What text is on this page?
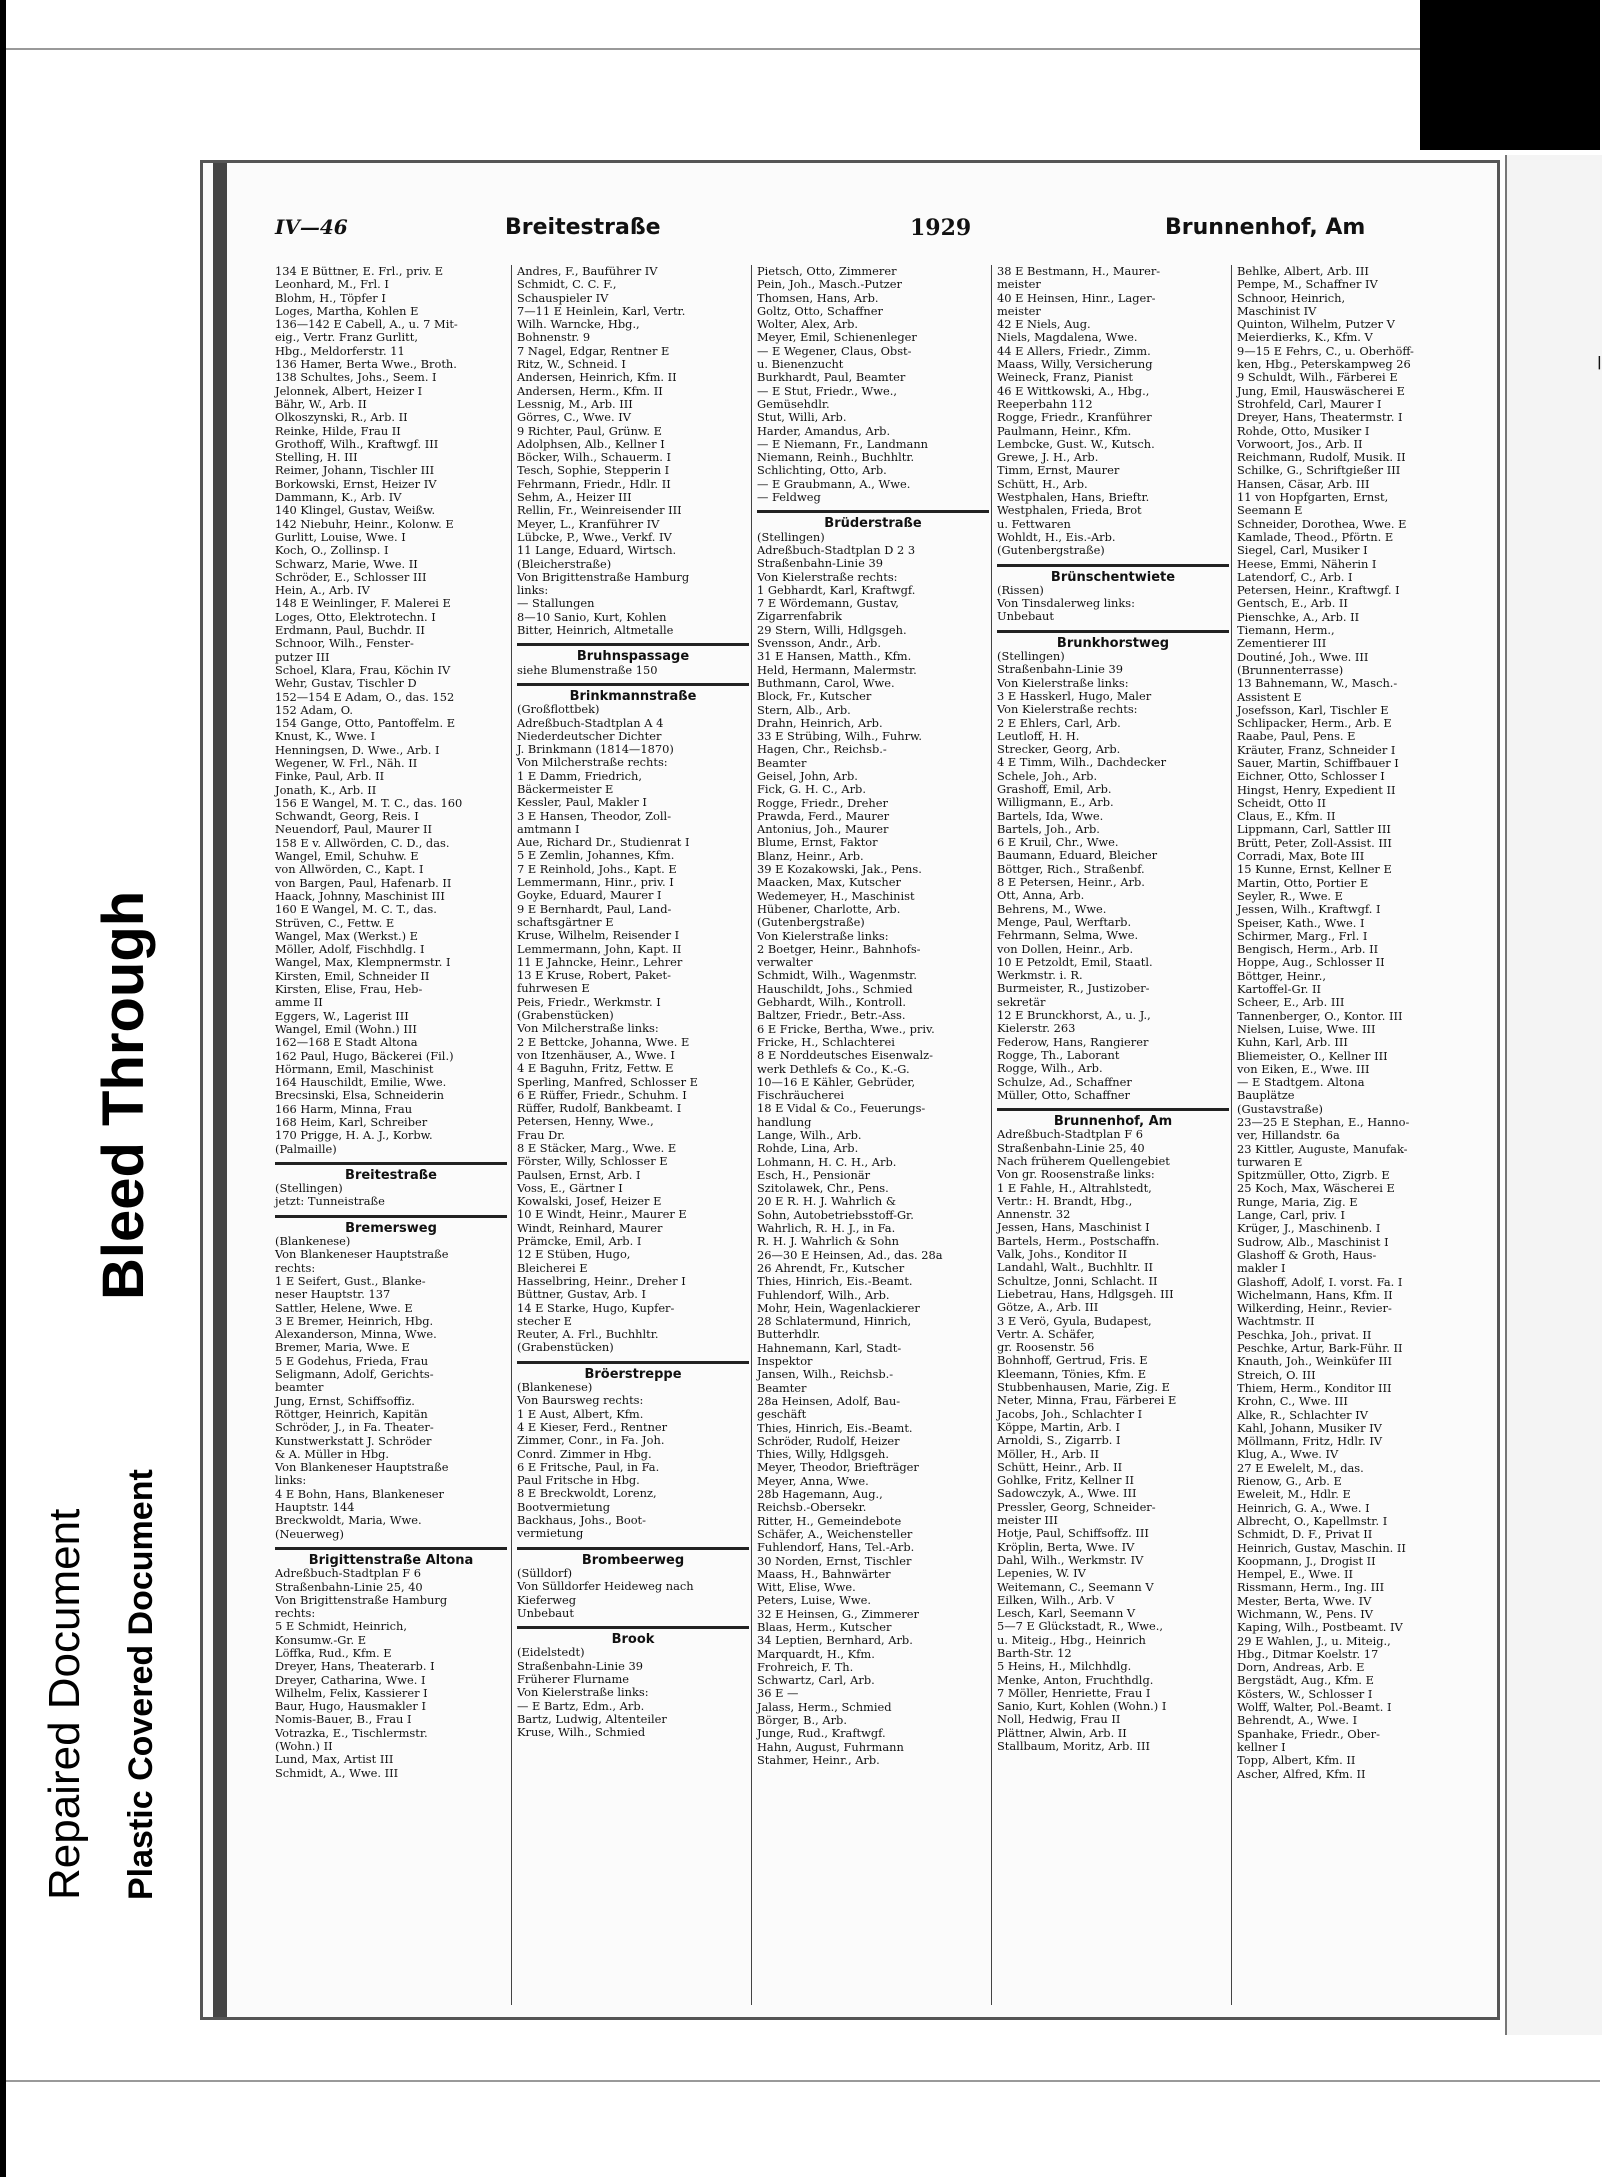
|
IV—46	Breitestraße	1929	Brunnenhof, Am
134 E Büttner, E. Frl., priv. E
Leonhard, M., Frl. I
Blohm, H., Töpfer I
Loges, Martha, Kohlen E
136—142 E Cabell, A., u. 7 Mit-
eig., Vertr. Franz Gurlitt,
Hbg., Meldorferstr. 11
136 Hamer, Berta Wwe., Broth.
138 Schultes, Johs., Seem. I
Jelonnek, Albert, Heizer I
Bähr, W., Arb. II
Olkoszynski, R., Arb. II
Reinke, Hilde, Frau II
Grothoff, Wilh., Kraftwgf. III
Stelling, H. III
Reimer, Johann, Tischler III
Borkowski, Ernst, Heizer IV
Dammann, K., Arb. IV
140 Klingel, Gustav, Weißw.
142 Niebuhr, Heinr., Kolonw. E
Gurlitt, Louise, Wwe. I
Koch, O., Zollinsp. I
Schwarz, Marie, Wwe. II
Schröder, E., Schlosser III
Hein, A., Arb. IV
148 E Weinlinger, F. Malerei E
Loges, Otto, Elektrotechn. I
Erdmann, Paul, Buchdr. II
Schnoor, Wilh., Fenster-
putzer III
Schoel, Klara, Frau, Köchin IV
Wehr, Gustav, Tischler D
152—154 E Adam, O., das. 152
152 Adam, O.
154 Gange, Otto, Pantoffelm. E
Knust, K., Wwe. I
Henningsen, D. Wwe., Arb. I
Wegener, W. Frl., Näh. II
Finke, Paul, Arb. II
Jonath, K., Arb. II
156 E Wangel, M. T. C., das. 160
Schwandt, Georg, Reis. I
Neuendorf, Paul, Maurer II
158 E v. Allwörden, C. D., das.
Wangel, Emil, Schuhw. E
von Allwörden, C., Kapt. I
von Bargen, Paul, Hafenarb. II
Haack, Johnny, Maschinist III
160 E Wangel, M. C. T., das.
Strüven, C., Fettw. E
Wangel, Max (Werkst.) E
Möller, Adolf, Fischhdlg. I
Wangel, Max, Klempnermstr. I
Kirsten, Emil, Schneider II
Kirsten, Elise, Frau, Heb-
amme II
Eggers, W., Lagerist III
Wangel, Emil (Wohn.) III
162—168 E Stadt Altona
162 Paul, Hugo, Bäckerei (Fil.)
Hörmann, Emil, Maschinist
164 Hauschildt, Emilie, Wwe.
Brecsinski, Elsa, Schneiderin
166 Harm, Minna, Frau
168 Heim, Karl, Schreiber
170 Prigge, H. A. J., Korbw.
(Palmaille)
Breitestraße
(Stellingen)
jetzt: Tunneistraße
Bremersweg
(Blankenese)
Von Blankeneser Hauptstraße
rechts:
1 E Seifert, Gust., Blanke-
neser Hauptstr. 137
Sattler, Helene, Wwe. E
3 E Bremer, Heinrich, Hbg.
Alexanderson, Minna, Wwe.
Bremer, Maria, Wwe. E
5 E Godehus, Frieda, Frau
Seligmann, Adolf, Gerichts-
beamter
Jung, Ernst, Schiffsoffiz.
Röttger, Heinrich, Kapitän
Schröder, J., in Fa. Theater-
Kunstwerkstatt J. Schröder
& A. Müller in Hbg.
Von Blankeneser Hauptstraße
links:
4 E Bohn, Hans, Blankeneser
Hauptstr. 144
Breckwoldt, Maria, Wwe.
(Neuerweg)
Brigittenstraße Altona
Adreßbuch-Stadtplan F 6
Straßenbahn-Linie 25, 40
Von Brigittenstraße Hamburg
rechts:
5 E Schmidt, Heinrich,
Konsumw.-Gr. E
Löffka, Rud., Kfm. E
Dreyer, Hans, Theaterarb. I
Dreyer, Catharina, Wwe. I
Wilhelm, Felix, Kassierer I
Baur, Hugo, Hausmakler I
Nomis-Bauer, B., Frau I
Votrazka, E., Tischlermstr.
(Wohn.) II
Lund, Max, Artist III
Schmidt, A., Wwe. III
Andres, F., Bauführer IV
Schmidt, C. C. F.,
Schauspieler IV
7—11 E Heinlein, Karl, Vertr.
Wilh. Warncke, Hbg.,
Bohnenstr. 9
7 Nagel, Edgar, Rentner E
Ritz, W., Schneid. I
Andersen, Heinrich, Kfm. II
Andersen, Herm., Kfm. II
Lessnig, M., Arb. III
Görres, C., Wwe. IV
9 Richter, Paul, Grünw. E
Adolphsen, Alb., Kellner I
Böcker, Wilh., Schauerm. I
Tesch, Sophie, Stepperin I
Fehrmann, Friedr., Hdlr. II
Sehm, A., Heizer III
Rellin, Fr., Weinreisender III
Meyer, L., Kranführer IV
Lübcke, P., Wwe., Verkf. IV
11 Lange, Eduard, Wirtsch.
(Bleicherstraße)
Von Brigittenstraße Hamburg
links:
— Stallungen
8—10 Sanio, Kurt, Kohlen
Bitter, Heinrich, Altmetalle
Bruhnspassage
siehe Blumenstraße 150
Brinkmannstraße
(Großflottbek)
Adreßbuch-Stadtplan A 4
Niederdeutscher Dichter
J. Brinkmann (1814—1870)
Von Milcherstraße rechts:
1 E Damm, Friedrich,
Bäckermeister E
Kessler, Paul, Makler I
3 E Hansen, Theodor, Zoll-
amtmann I
Aue, Richard Dr., Studienrat I
5 E Zemlin, Johannes, Kfm.
7 E Reinhold, Johs., Kapt. E
Lemmermann, Hinr., priv. I
Goyke, Eduard, Maurer I
9 E Bernhardt, Paul, Land-
schaftsgärtner E
Kruse, Wilhelm, Reisender I
Lemmermann, John, Kapt. II
11 E Jahncke, Heinr., Lehrer
13 E Kruse, Robert, Paket-
fuhrwesen E
Peis, Friedr., Werkmstr. I
(Grabenstücken)
Von Milcherstraße links:
2 E Bettcke, Johanna, Wwe. E
von Itzenhäuser, A., Wwe. I
4 E Baguhn, Fritz, Fettw. E
Sperling, Manfred, Schlosser E
6 E Rüffer, Friedr., Schuhm. I
Rüffer, Rudolf, Bankbeamt. I
Petersen, Henny, Wwe.,
Frau Dr.
8 E Stäcker, Marg., Wwe. E
Förster, Willy, Schlosser E
Paulsen, Ernst, Arb. I
Voss, E., Gärtner I
Kowalski, Josef, Heizer E
10 E Windt, Heinr., Maurer E
Windt, Reinhard, Maurer
Prämcke, Emil, Arb. I
12 E Stüben, Hugo,
Bleicherei E
Hasselbring, Heinr., Dreher I
Büttner, Gustav, Arb. I
14 E Starke, Hugo, Kupfer-
stecher E
Reuter, A. Frl., Buchhltr.
(Grabenstücken)
Bröerstreppe
(Blankenese)
Von Baursweg rechts:
1 E Aust, Albert, Kfm.
4 E Kieser, Ferd., Rentner
Zimmer, Conr., in Fa. Joh.
Conrd. Zimmer in Hbg.
6 E Fritsche, Paul, in Fa.
Paul Fritsche in Hbg.
8 E Breckwoldt, Lorenz,
Bootvermietung
Backhaus, Johs., Boot-
vermietung
Brombeerweg
(Sülldorf)
Von Sülldorfer Heideweg nach
Kieferweg
Unbebaut
Brook
(Eidelstedt)
Straßenbahn-Linie 39
Früherer Flurname
Von Kielerstraße links:
— E Bartz, Edm., Arb.
Bartz, Ludwig, Altenteiler
Kruse, Wilh., Schmied
Pietsch, Otto, Zimmerer
Pein, Joh., Masch.-Putzer
Thomsen, Hans, Arb.
Goltz, Otto, Schaffner
Wolter, Alex, Arb.
Meyer, Emil, Schienenleger
— E Wegener, Claus, Obst-
u. Bienenzucht
Burkhardt, Paul, Beamter
— E Stut, Friedr., Wwe.,
Gemüsehdlr.
Stut, Willi, Arb.
Harder, Amandus, Arb.
— E Niemann, Fr., Landmann
Niemann, Reinh., Buchhltr.
Schlichting, Otto, Arb.
— E Graubmann, A., Wwe.
— Feldweg
Brüderstraße
(Stellingen)
Adreßbuch-Stadtplan D 2 3
Straßenbahn-Linie 39
Von Kielerstraße rechts:
1 Gebhardt, Karl, Kraftwgf.
7 E Wördemann, Gustav,
Zigarrenfabrik
29 Stern, Willi, Hdlgsgeh.
Svensson, Andr., Arb.
31 E Hansen, Matth., Kfm.
Held, Hermann, Malermstr.
Buthmann, Carol, Wwe.
Block, Fr., Kutscher
Stern, Alb., Arb.
Drahn, Heinrich, Arb.
33 E Strübing, Wilh., Fuhrw.
Hagen, Chr., Reichsb.-
Beamter
Geisel, John, Arb.
Fick, G. H. C., Arb.
Rogge, Friedr., Dreher
Prawda, Ferd., Maurer
Antonius, Joh., Maurer
Blume, Ernst, Faktor
Blanz, Heinr., Arb.
39 E Kozakowski, Jak., Pens.
Maacken, Max, Kutscher
Wedemeyer, H., Maschinist
Hübener, Charlotte, Arb.
(Gutenbergstraße)
Von Kielerstraße links:
2 Boetger, Heinr., Bahnhofs-
verwalter
Schmidt, Wilh., Wagenmstr.
Hauschildt, Johs., Schmied
Gebhardt, Wilh., Kontroll.
Baltzer, Friedr., Betr.-Ass.
6 E Fricke, Bertha, Wwe., priv.
Fricke, H., Schlachterei
8 E Norddeutsches Eisenwalz-
werk Dethlefs & Co., K.-G.
10—16 E Kähler, Gebrüder,
Fischräucherei
18 E Vidal & Co., Feuerungs-
handlung
Lange, Wilh., Arb.
Rohde, Lina, Arb.
Lohmann, H. C. H., Arb.
Esch, H., Pensionär
Szitolawek, Chr., Pens.
20 E R. H. J. Wahrlich &
Sohn, Autobetriebsstoff-Gr.
Wahrlich, R. H. J., in Fa.
R. H. J. Wahrlich & Sohn
26—30 E Heinsen, Ad., das. 28a
26 Ahrendt, Fr., Kutscher
Thies, Hinrich, Eis.-Beamt.
Fuhlendorf, Wilh., Arb.
Mohr, Hein, Wagenlackierer
28 Schlatermund, Hinrich,
Butterhdlr.
Hahnemann, Karl, Stadt-
Inspektor
Jansen, Wilh., Reichsb.-
Beamter
28a Heinsen, Adolf, Bau-
geschäft
Thies, Hinrich, Eis.-Beamt.
Schröder, Rudolf, Heizer
Thies, Willy, Hdlgsgeh.
Meyer, Theodor, Briefträger
Meyer, Anna, Wwe.
28b Hagemann, Aug.,
Reichsb.-Obersekr.
Ritter, H., Gemeindebote
Schäfer, A., Weichensteller
Fuhlendorf, Hans, Tel.-Arb.
30 Norden, Ernst, Tischler
Maass, H., Bahnwärter
Witt, Elise, Wwe.
Peters, Luise, Wwe.
32 E Heinsen, G., Zimmerer
Blaas, Herm., Kutscher
34 Leptien, Bernhard, Arb.
Marquardt, H., Kfm.
Frohreich, F. Th.
Schwartz, Carl, Arb.
36 E —
Jalass, Herm., Schmied
Börger, B., Arb.
Junge, Rud., Kraftwgf.
Hahn, August, Fuhrmann
Stahmer, Heinr., Arb.
38 E Bestmann, H., Maurer-
meister
40 E Heinsen, Hinr., Lager-
meister
42 E Niels, Aug.
Niels, Magdalena, Wwe.
44 E Allers, Friedr., Zimm.
Maass, Willy, Versicherung
Weineck, Franz, Pianist
46 E Wittkowski, A., Hbg.,
Reeperbahn 112
Rogge, Friedr., Kranführer
Paulmann, Heinr., Kfm.
Lembcke, Gust. W., Kutsch.
Grewe, J. H., Arb.
Timm, Ernst, Maurer
Schütt, H., Arb.
Westphalen, Hans, Brieftr.
Westphalen, Frieda, Brot
u. Fettwaren
Wohldt, H., Eis.-Arb.
(Gutenbergstraße)
Brünschentwiete
(Rissen)
Von Tinsdalerweg links:
Unbebaut
Brunkhorstweg
(Stellingen)
Straßenbahn-Linie 39
Von Kielerstraße links:
3 E Hasskerl, Hugo, Maler
Von Kielerstraße rechts:
2 E Ehlers, Carl, Arb.
Leutloff, H. H.
Strecker, Georg, Arb.
4 E Timm, Wilh., Dachdecker
Schele, Joh., Arb.
Grashoff, Emil, Arb.
Willigmann, E., Arb.
Bartels, Ida, Wwe.
Bartels, Joh., Arb.
6 E Kruil, Chr., Wwe.
Baumann, Eduard, Bleicher
Böttger, Rich., Straßenbf.
8 E Petersen, Heinr., Arb.
Ott, Anna, Arb.
Behrens, M., Wwe.
Menge, Paul, Werftarb.
Fehrmann, Selma, Wwe.
von Dollen, Heinr., Arb.
10 E Petzoldt, Emil, Staatl.
Werkmstr. i. R.
Burmeister, R., Justizober-
sekretär
12 E Brunckhorst, A., u. J.,
Kielerstr. 263
Federow, Hans, Rangierer
Rogge, Th., Laborant
Rogge, Wilh., Arb.
Schulze, Ad., Schaffner
Müller, Otto, Schaffner
Brunnenhof, Am
Adreßbuch-Stadtplan F 6
Straßenbahn-Linie 25, 40
Nach früherem Quellengebiet
Von gr. Roosenstraße links:
1 E Fahle, H., Altrahlstedt,
Vertr.: H. Brandt, Hbg.,
Annenstr. 32
Jessen, Hans, Maschinist I
Bartels, Herm., Postschaffn.
Valk, Johs., Konditor II
Landahl, Walt., Buchhltr. II
Schultze, Jonni, Schlacht. II
Liebetrau, Hans, Hdlgsgeh. III
Götze, A., Arb. III
3 E Verö, Gyula, Budapest,
Vertr. A. Schäfer,
gr. Roosenstr. 56
Bohnhoff, Gertrud, Fris. E
Kleemann, Tönies, Kfm. E
Stubbenhausen, Marie, Zig. E
Neter, Minna, Frau, Färberei E
Jacobs, Joh., Schlachter I
Köppe, Martin, Arb. I
Arnoldi, S., Zigarrb. I
Möller, H., Arb. II
Schütt, Heinr., Arb. II
Gohlke, Fritz, Kellner II
Sadowczyk, A., Wwe. III
Pressler, Georg, Schneider-
meister III
Hotje, Paul, Schiffsoffz. III
Kröplin, Berta, Wwe. IV
Dahl, Wilh., Werkmstr. IV
Lepenies, W. IV
Weitemann, C., Seemann V
Eilken, Wilh., Arb. V
Lesch, Karl, Seemann V
5—7 E Glückstadt, R., Wwe.,
u. Miteig., Hbg., Heinrich
Barth-Str. 12
5 Heins, H., Milchhdlg.
Menke, Anton, Fruchthdlg.
7 Möller, Henriette, Frau I
Sanio, Kurt, Kohlen (Wohn.) I
Noll, Hedwig, Frau II
Plättner, Alwin, Arb. II
Stallbaum, Moritz, Arb. III
Behlke, Albert, Arb. III
Pempe, M., Schaffner IV
Schnoor, Heinrich,
Maschinist IV
Quinton, Wilhelm, Putzer V
Meierdierks, K., Kfm. V
9—15 E Fehrs, C., u. Oberhöff-
ken, Hbg., Peterskampweg 26
9 Schuldt, Wilh., Färberei E
Jung, Emil, Hauswäscherei E
Strohfeld, Carl, Maurer I
Dreyer, Hans, Theatermstr. I
Rohde, Otto, Musiker I
Vorwoort, Jos., Arb. II
Reichmann, Rudolf, Musik. II
Schilke, G., Schriftgießer III
Hansen, Cäsar, Arb. III
11 von Hopfgarten, Ernst,
Seemann E
Schneider, Dorothea, Wwe. E
Kamlade, Theod., Pförtn. E
Siegel, Carl, Musiker I
Heese, Emmi, Näherin I
Latendorf, C., Arb. I
Petersen, Heinr., Kraftwgf. I
Gentsch, E., Arb. II
Pienschke, A., Arb. II
Tiemann, Herm.,
Zementierer III
Doutiné, Joh., Wwe. III
(Brunnenterrasse)
13 Bahnemann, W., Masch.-
Assistent E
Josefsson, Karl, Tischler E
Schlipacker, Herm., Arb. E
Raabe, Paul, Pens. E
Kräuter, Franz, Schneider I
Sauer, Martin, Schiffbauer I
Eichner, Otto, Schlosser I
Hingst, Henry, Expedient II
Scheidt, Otto II
Claus, E., Kfm. II
Lippmann, Carl, Sattler III
Brütt, Peter, Zoll-Assist. III
Corradi, Max, Bote III
15 Kunne, Ernst, Kellner E
Martin, Otto, Portier E
Seyler, R., Wwe. E
Jessen, Wilh., Kraftwgf. I
Speiser, Kath., Wwe. I
Schirmer, Marg., Frl. I
Bengisch, Herm., Arb. II
Hoppe, Aug., Schlosser II
Böttger, Heinr.,
Kartoffel-Gr. II
Scheer, E., Arb. III
Tannenberger, O., Kontor. III
Nielsen, Luise, Wwe. III
Kuhn, Karl, Arb. III
Bliemeister, O., Kellner III
von Eiken, E., Wwe. III
— E Stadtgem. Altona
Bauplätze
(Gustavstraße)
23—25 E Stephan, E., Hanno-
ver, Hillandstr. 6a
23 Kittler, Auguste, Manufak-
turwaren E
Spitzmüller, Otto, Zigrb. E
25 Koch, Max, Wäscherei E
Runge, Maria, Zig. E
Lange, Carl, priv. I
Krüger, J., Maschinenb. I
Sudrow, Alb., Maschinist I
Glashoff & Groth, Haus-
makler I
Glashoff, Adolf, I. vorst. Fa. I
Wichelmann, Hans, Kfm. II
Wilkerding, Heinr., Revier-
Wachtmstr. II
Peschka, Joh., privat. II
Peschke, Artur, Bark-Führ. II
Knauth, Joh., Weinküfer III
Streich, O. III
Thiem, Herm., Konditor III
Krohn, C., Wwe. III
Alke, R., Schlachter IV
Kahl, Johann, Musiker IV
Möllmann, Fritz, Hdlr. IV
Klug, A., Wwe. IV
27 E Ewelelt, M., das.
Rienow, G., Arb. E
Eweleit, M., Hdlr. E
Heinrich, G. A., Wwe. I
Albrecht, O., Kapellmstr. I
Schmidt, D. F., Privat II
Heinrich, Gustav, Maschin. II
Koopmann, J., Drogist II
Hempel, E., Wwe. II
Rissmann, Herm., Ing. III
Mester, Berta, Wwe. IV
Wichmann, W., Pens. IV
Kaping, Wilh., Postbeamt. IV
29 E Wahlen, J., u. Miteig.,
Hbg., Ditmar Koelstr. 17
Dorn, Andreas, Arb. E
Bergstädt, Aug., Kfm. E
Kösters, W., Schlosser I
Wolff, Walter, Pol.-Beamt. I
Behrendt, A., Wwe. I
Spanhake, Friedr., Ober-
kellner I
Topp, Albert, Kfm. II
Ascher, Alfred, Kfm. II
Repaired Document Plastic Covered Document
Bleed Through
